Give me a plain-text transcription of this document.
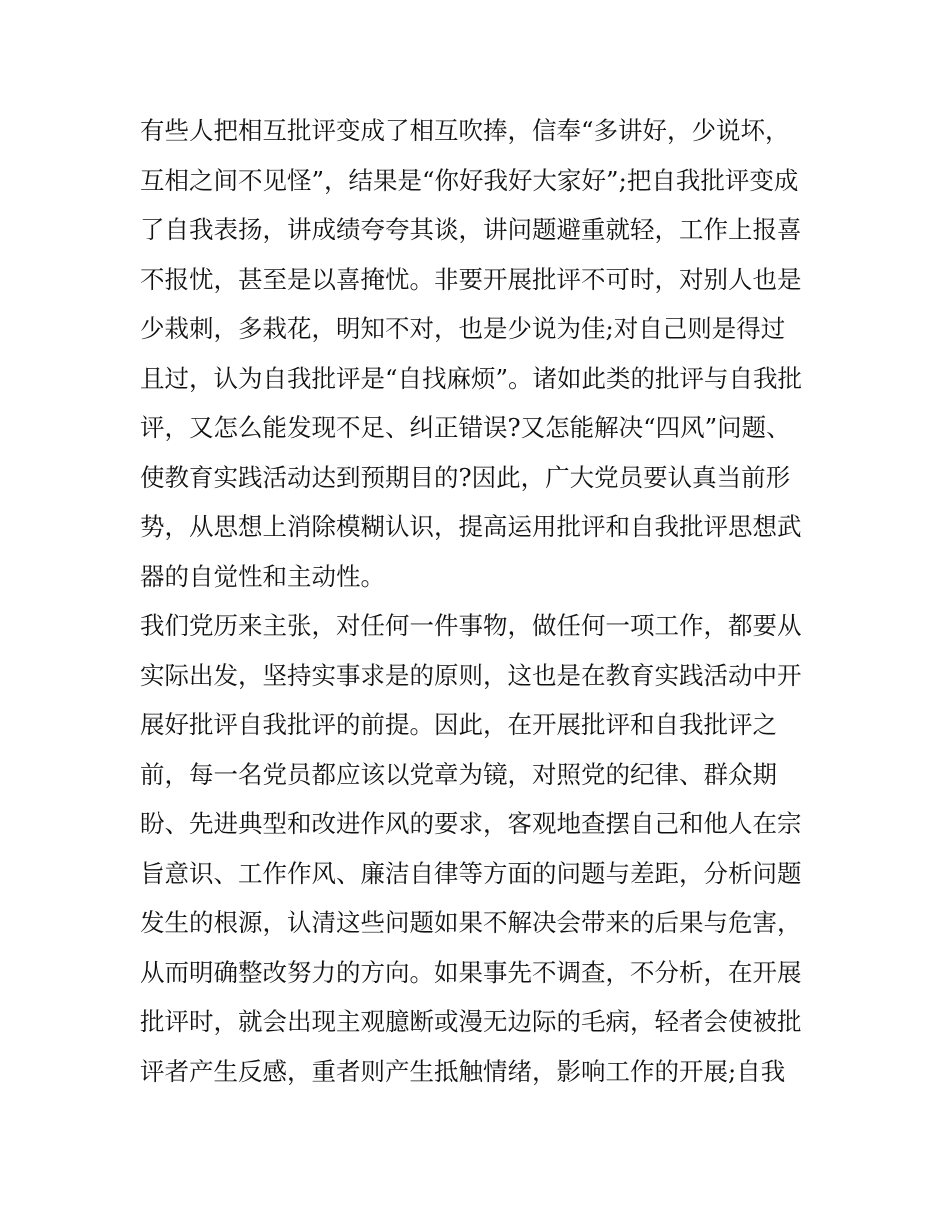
有些人把相互批评变成了相互吹捧，信奉“多讲好，少说坏，
互相之间不见怪”，结果是“你好我好大家好”;把自我批评变成
了自我表扬，讲成绩夸夸其谈，讲问题避重就轻，工作上报喜
不报忧，甚至是以喜掩忧。非要开展批评不可时，对别人也是
少栽刺，多栽花，明知不对，也是少说为佳;对自己则是得过
且过，认为自我批评是“自找麻烦”。诸如此类的批评与自我批
评，又怎么能发现不足、纠正错误?又怎能解决“四风”问题、
使教育实践活动达到预期目的?因此，广大党员要认真当前形
势，从思想上消除模糊认识，提高运用批评和自我批评思想武
器的自觉性和主动性。
我们党历来主张，对任何一件事物，做任何一项工作，都要从
实际出发，坚持实事求是的原则，这也是在教育实践活动中开
展好批评自我批评的前提。因此，在开展批评和自我批评之
前，每一名党员都应该以党章为镜，对照党的纪律、群众期
盼、先进典型和改进作风的要求，客观地查摆自己和他人在宗
旨意识、工作作风、廉洁自律等方面的问题与差距，分析问题
发生的根源，认清这些问题如果不解决会带来的后果与危害，
从而明确整改努力的方向。如果事先不调查，不分析，在开展
批评时，就会出现主观臆断或漫无边际的毛病，轻者会使被批
评者产生反感，重者则产生抵触情绪，影响工作的开展;自我
